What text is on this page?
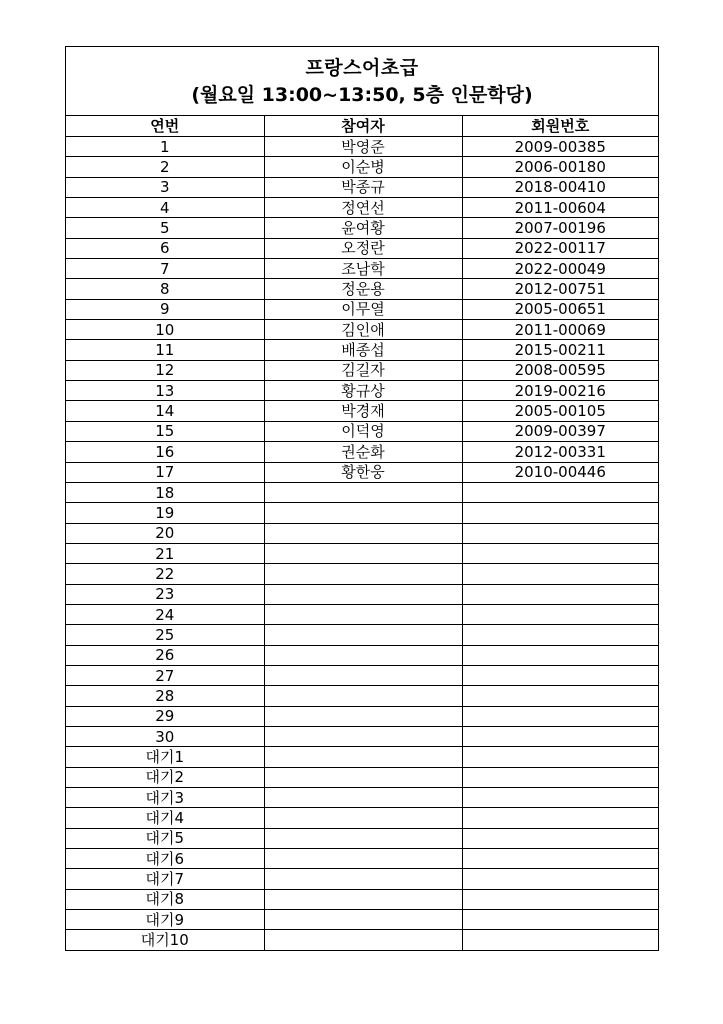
프랑스어초급
(월요일 13:00~13:50, 5층 인문학당)
연번	참여자	회원번호
1	박영준	2009-00385
2	이순병	2006-00180
3	박종규	2018-00410
4	정연선	2011-00604
5	윤여황	2007-00196
6	오정란	2022-00117
7	조남학	2022-00049
8	정운용	2012-00751
9	이무열	2005-00651
10	김인애	2011-00069
11	배종섭	2015-00211
12	김길자	2008-00595
13	황규상	2019-00216
14	박경재	2005-00105
15	이덕영	2009-00397
16	권순화	2012-00331
17	황한웅	2010-00446
18		
19		
20		
21		
22		
23		
24		
25		
26		
27		
28		
29		
30		
대기1		
대기2		
대기3		
대기4		
대기5		
대기6		
대기7		
대기8		
대기9		
대기10		
